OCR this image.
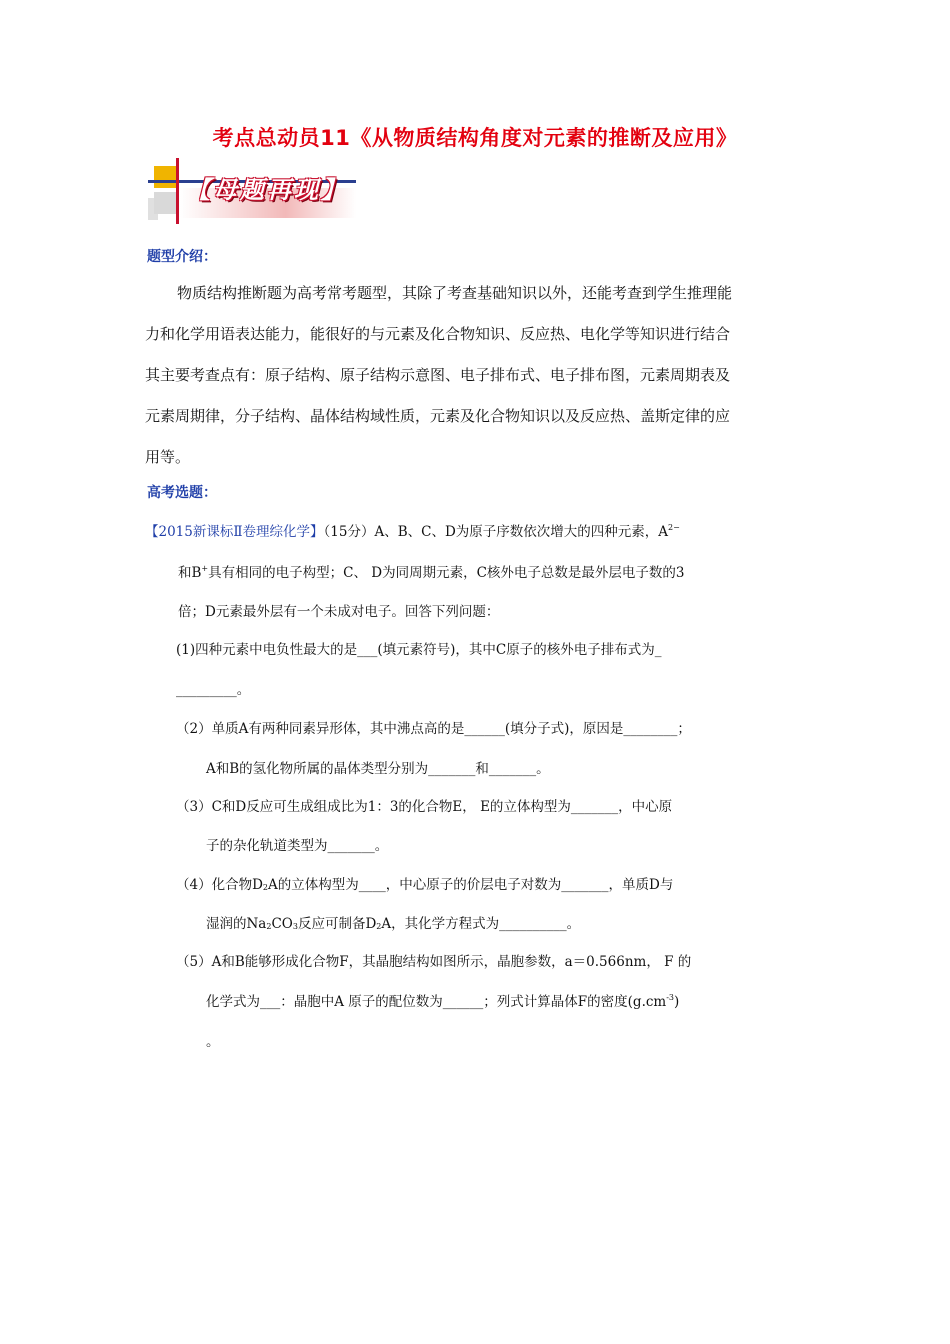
考点总动员11《从物质结构角度对元素的推断及应用》
【母题再现】
题型介绍：
物质结构推断题为高考常考题型，其除了考查基础知识以外，还能考查到学生推理能
力和化学用语表达能力，能很好的与元素及化合物知识、反应热、电化学等知识进行结合
其主要考查点有：原子结构、原子结构示意图、电子排布式、电子排布图，元素周期表及
元素周期律，分子结构、晶体结构域性质，元素及化合物知识以及反应热、盖斯定律的应
用等。
高考选题：
【2015新课标Ⅱ卷理综化学】（15分）A、B、C、D为原子序数依次增大的四种元素，$A^{2-}$
和B+具有相同的电子构型；C、 D为同周期元素，C核外电子总数是最外层电子数的3
倍；D元素最外层有一个未成对电子。回答下列问题：
(1)四种元素中电负性最大的是___(填元素符号)，其中C原子的核外电子排布式为_
_________。
（2）单质A有两种同素异形体，其中沸点高的是______(填分子式)，原因是________；
A和B的氢化物所属的晶体类型分别为_______和_______。
（3）C和D反应可生成组成比为1：3的化合物E， E的立体构型为_______，中心原
子的杂化轨道类型为_______。
（4）化合物$D_2A$的立体构型为____，中心原子的价层电子对数为_______，单质D与
湿润的$Na_2CO_3$反应可制备$D_2A$，其化学方程式为__________。
（5）A和B能够形成化合物F，其晶胞结构如图所示，晶胞参数，a＝0.566nm， F 的
化学式为___：晶胞中A 原子的配位数为______；列式计算晶体F的密度$(g.cm^{-3})$
。
